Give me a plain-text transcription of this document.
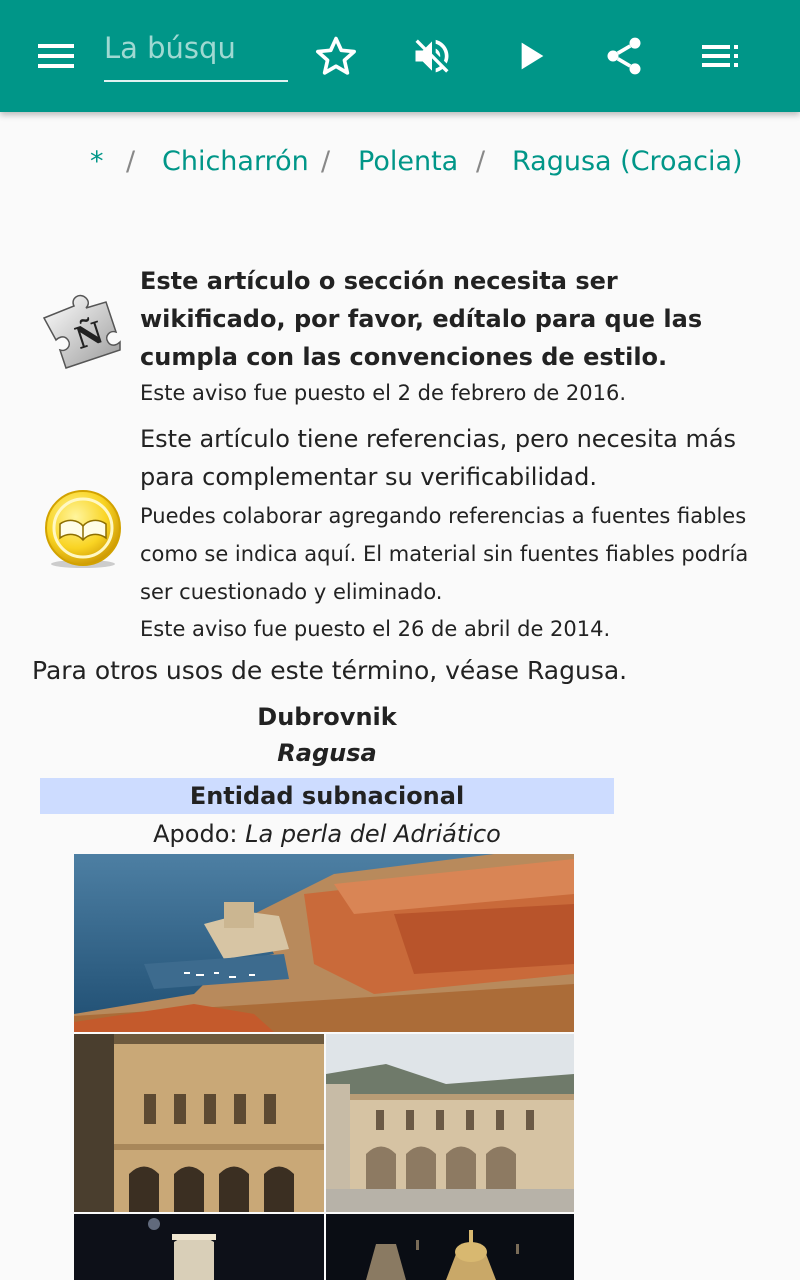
La búsqu
* / Chicharrón / Polenta / Ragusa (Croacia)
Ñ
Este artículo o sección necesita ser wikificado, por favor, edítalo para que las cumpla con las convenciones de estilo.
Este aviso fue puesto el 2 de febrero de 2016.
Este artículo tiene referencias, pero necesita más para complementar su verificabilidad.
Puedes colaborar agregando referencias a fuentes fiables como se indica aquí. El material sin fuentes fiables podría ser cuestionado y eliminado.
Este aviso fue puesto el 26 de abril de 2014.
Para otros usos de este término, véase Ragusa.
Dubrovnik
Ragusa
Entidad subnacional
Apodo: La perla del Adriático
